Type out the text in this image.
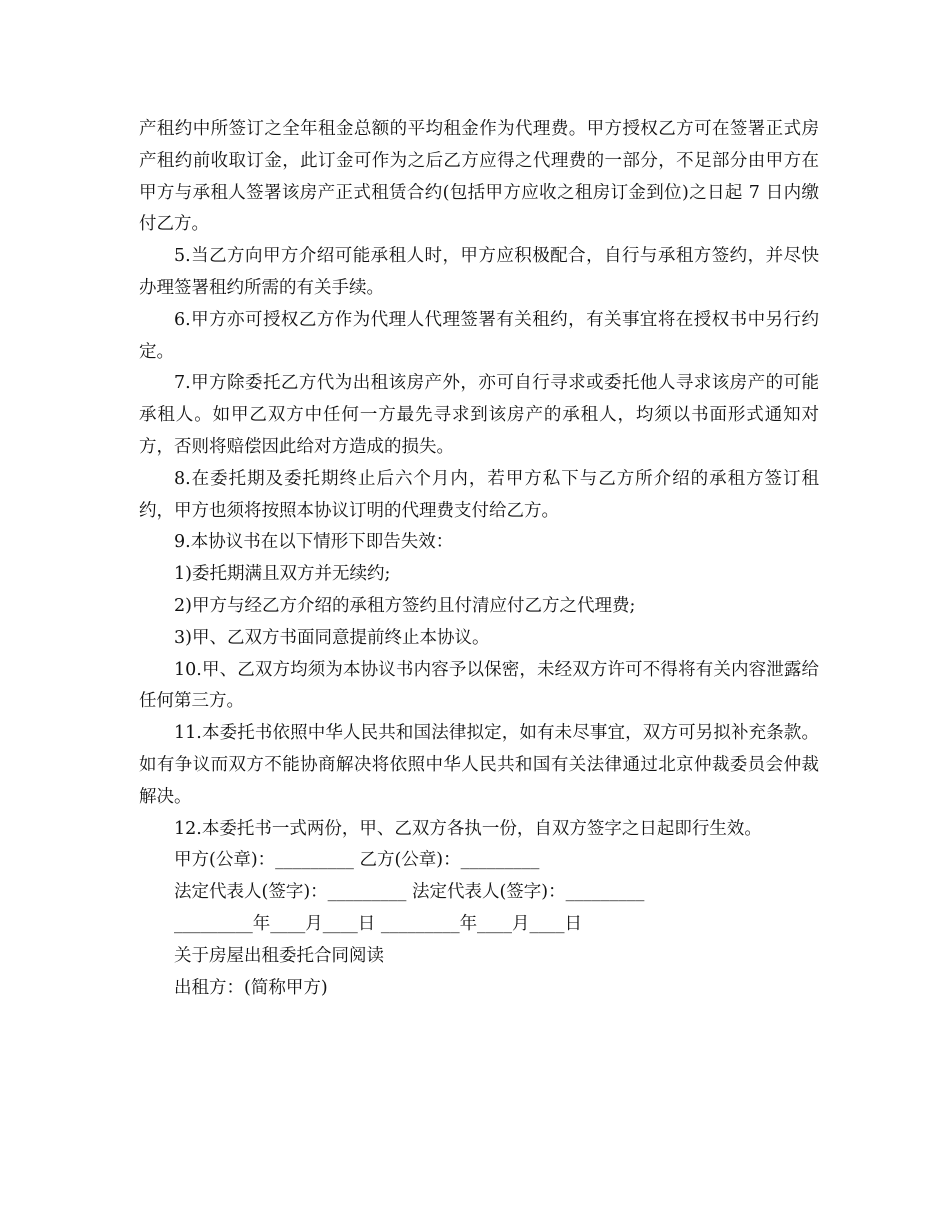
产租约中所签订之全年租金总额的平均租金作为代理费。甲方授权乙方可在签署正式房产租约前收取订金，此订金可作为之后乙方应得之代理费的一部分，不足部分由甲方在甲方与承租人签署该房产正式租赁合约(包括甲方应收之租房订金到位)之日起 7 日内缴付乙方。

5.当乙方向甲方介绍可能承租人时，甲方应积极配合，自行与承租方签约，并尽快办理签署租约所需的有关手续。

6.甲方亦可授权乙方作为代理人代理签署有关租约，有关事宜将在授权书中另行约定。

7.甲方除委托乙方代为出租该房产外，亦可自行寻求或委托他人寻求该房产的可能承租人。如甲乙双方中任何一方最先寻求到该房产的承租人，均须以书面形式通知对方，否则将赔偿因此给对方造成的损失。

8.在委托期及委托期终止后六个月内，若甲方私下与乙方所介绍的承租方签订租约，甲方也须将按照本协议订明的代理费支付给乙方。

9.本协议书在以下情形下即告失效：

1)委托期满且双方并无续约;

2)甲方与经乙方介绍的承租方签约且付清应付乙方之代理费;

3)甲、乙双方书面同意提前终止本协议。

10.甲、乙双方均须为本协议书内容予以保密，未经双方许可不得将有关内容泄露给任何第三方。

11.本委托书依照中华人民共和国法律拟定，如有未尽事宜，双方可另拟补充条款。如有争议而双方不能协商解决将依照中华人民共和国有关法律通过北京仲裁委员会仲裁解决。

12.本委托书一式两份，甲、乙双方各执一份，自双方签字之日起即行生效。

甲方(公章)：_________ 乙方(公章)：_________

法定代表人(签字)：_________ 法定代表人(签字)：_________

_________年____月____日 _________年____月____日

关于房屋出租委托合同阅读

出租方：(简称甲方)
